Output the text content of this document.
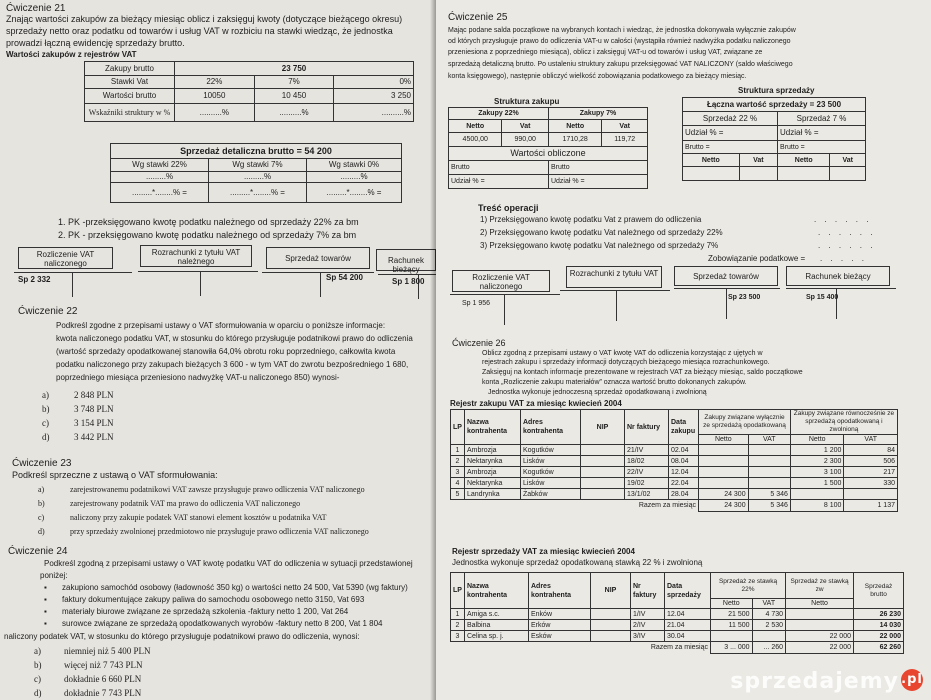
Ćwiczenie 21
Znając wartości zakupów za bieżący miesiąc oblicz i zaksięguj kwoty (dotyczące bieżącego okresu)
sprzedaży netto oraz podatku od towarów i usług VAT w rozbiciu na stawki wiedząc, że jednostka
prowadzi łączną ewidencję sprzedaży brutto.
Wartości zakupów z rejestrów VAT
Zakupy brutto	23 750		
Stawki Vat	22%	7%	0%
Wartości brutto	10050	10 450	3 250
Wskaźniki struktury w %	..........%	..........%	..........%
Sprzedaż detaliczna brutto = 54 200		
Wg stawki 22%	Wg stawki 7%	Wg stawki 0%
.........%	.........%	.........%
.........*........% =	.........*........% =	.........*........% =
1. PK -przeksięgowano kwotę podatku należnego od sprzedaży 22% za bm
2. PK - przeksięgowano kwotę podatku należnego od sprzedaży 7% za bm
Rozliczenie VAT naliczonego
Rozrachunki z tytułu VAT należnego	Sprzedaż towarów	Rachunek bieżący
Sp 2 332	Sp 54 200	Sp 1 800
Ćwiczenie 22
Podkreśl zgodne z przepisami ustawy o VAT sformułowania w oparciu o poniższe informacje:
kwota naliczonego podatku VAT, w stosunku do którego przysługuje podatnikowi prawo do odliczenia
(wartość sprzedaży opodatkowanej stanowiła 64,0% obrotu roku poprzedniego, całkowita kwota
podatku naliczonego przy zakupach bieżących 3 600 - w tym VAT do zwrotu bezpośredniego 1 680,
poprzedniego miesiąca przeniesiono nadwyżkę VAT-u naliczonego 850) wynosi-
a)	2 848 PLN
b)	3 748 PLN
c)	3 154 PLN
d)	3 442 PLN
Ćwiczenie 23
Podkreśl sprzeczne z ustawą o VAT sformułowania:
a)	zarejestrowanemu podatnikowi VAT zawsze przysługuje prawo odliczenia VAT naliczonego
b)	zarejestrowany podatnik VAT ma prawo do odliczenia VAT naliczonego
c)	naliczony przy zakupie podatek VAT stanowi element kosztów u podatnika VAT
d)	przy sprzedaży zwolnionej przedmiotowo nie przysługuje prawo odliczenia VAT naliczonego
Ćwiczenie 24
Podkreśl zgodną z przepisami ustawy o VAT kwotę podatku VAT do odliczenia w sytuacji przedstawionej
poniżej:
▪ zakupiono samochód osobowy (ładowność 350 kg) o wartości netto 24 500, Vat 5390 (wg faktury)
▪ faktury dokumentujące zakupy paliwa do samochodu osobowego netto 3150, Vat 693
▪ materiały biurowe związane ze sprzedażą szkolenia -faktury netto 1 200, Vat 264
▪ surowce związane ze sprzedażą opodatkowanych wyrobów -faktury netto 8 200, Vat 1 804
naliczony podatek VAT, w stosunku do którego przysługuje podatnikowi prawo do odliczenia, wynosi:
a)	niemniej niż 5 400 PLN
b)	więcej niż 7 743 PLN
c)	dokładnie 6 660 PLN
d)	dokładnie 7 743 PLN
Ćwiczenie 25
Mając podane salda początkowe na wybranych kontach i wiedząc, że jednostka dokonywała wyłącznie zakupów
od których przysługuje prawo do odliczenia VAT-u w całości (wystąpiła również nadwyżka podatku naliczonego
przeniesiona z poprzedniego miesiąca), oblicz i zaksięguj VAT-u od towarów i usług VAT, związane ze
sprzedażą detaliczną brutto. Po ustaleniu struktury zakupu przeksięgować VAT NALICZONY (saldo właściwego
konta księgowego), następnie obliczyć wielkość zobowiązania podatkowego za bieżący miesiąc.
Struktura zakupu
Zakupy 22%		Zakupy 7%	
Netto	Vat	Netto	Vat
4500,00	990,00	1710,28	119,72
Wartości obliczone			
Brutto		Brutto	
Udział % =		Udział % =	
Struktura sprzedaży
Łączna wartość sprzedaży = 23 500			
Sprzedaż 22 %		Sprzedaż 7 %	
Udział % =		Udział % =	
Brutto =		Brutto =	
Netto	Vat	Netto	Vat

Treść operacji
1) Przeksięgowano kwotę podatku Vat z prawem do odliczenia
2) Przeksięgowano kwotę podatku Vat należnego od sprzedaży 22%
3) Przeksięgowano kwotę podatku Vat należnego od sprzedaży 7%
. . . . . .
. . . . . .
. . . . . .
Zobowiązanie podatkowe = . . . . .
Rozliczenie VAT naliczonego
Rozrachunki z tytułu VAT	Sprzedaż towarów	Rachunek bieżący
Sp 1 956
Sp 23 500	Sp 15 400
Ćwiczenie 26
Oblicz zgodną z przepisami ustawy o VAT kwotę VAT do odliczenia korzystając z ujętych w
rejestrach zakupu i sprzedaży informacji dotyczących bieżącego miesiąca rozrachunkowego.
Zaksięguj na kontach informacje prezentowane w rejestrach VAT za bieżący miesiąc, saldo początkowe
konta „Rozliczenie zakupu materiałów” oznacza wartość brutto dokonanych zakupów.
Jednostka wykonuje jednoczesną sprzedaż opodatkowaną i zwolnioną
Rejestr zakupu VAT za miesiąc kwiecień 2004
LP	Nazwa kontrahenta	Adres kontrahenta	NIP	Nr faktury	Data zakupu	Zakupy związane wyłącznie ze sprzedażą opodatkowaną		Zakupy związane równocześnie ze sprzedażą opodatkowaną i zwolnioną	
						Netto	VAT	Netto	VAT
1	Ambrozja	Kogutków		21/IV	02.04			1 200	84
2	Nektarynka	Lisków		18/02	08.04			2 300	506
3	Ambrozja	Kogutków		22/IV	12.04			3 100	217
4	Nektarynka	Lisków		19/02	22.04			1 500	330
5	Landrynka	Żabków		13/1/02	28.04	24 300	5 346		
Razem za miesiąc						24 300	5 346	8 100	1 137
Rejestr sprzedaży VAT za miesiąc kwiecień 2004
Jednostka wykonuje sprzedaż opodatkowaną stawką 22 % i zwolnioną
LP	Nazwa kontrahenta	Adres kontrahenta	NIP	Nr faktury	Data sprzedaży	Sprzedaż ze stawką 22%		Sprzedaż ze stawką zw	Sprzedaż brutto
						Netto	VAT	Netto	
1	Amiga s.c.	Enków		1/IV	12.04	21 500	4 730		26 230
2	Balbina	Erków		2/IV	21.04	11 500	2 530		14 030
3	Celina sp. j.	Esków		3/IV	30.04			22 000	22 000
Razem za miesiąc						3 ... 000	... 260	22 000	62 260
sprzedajemy .pl
